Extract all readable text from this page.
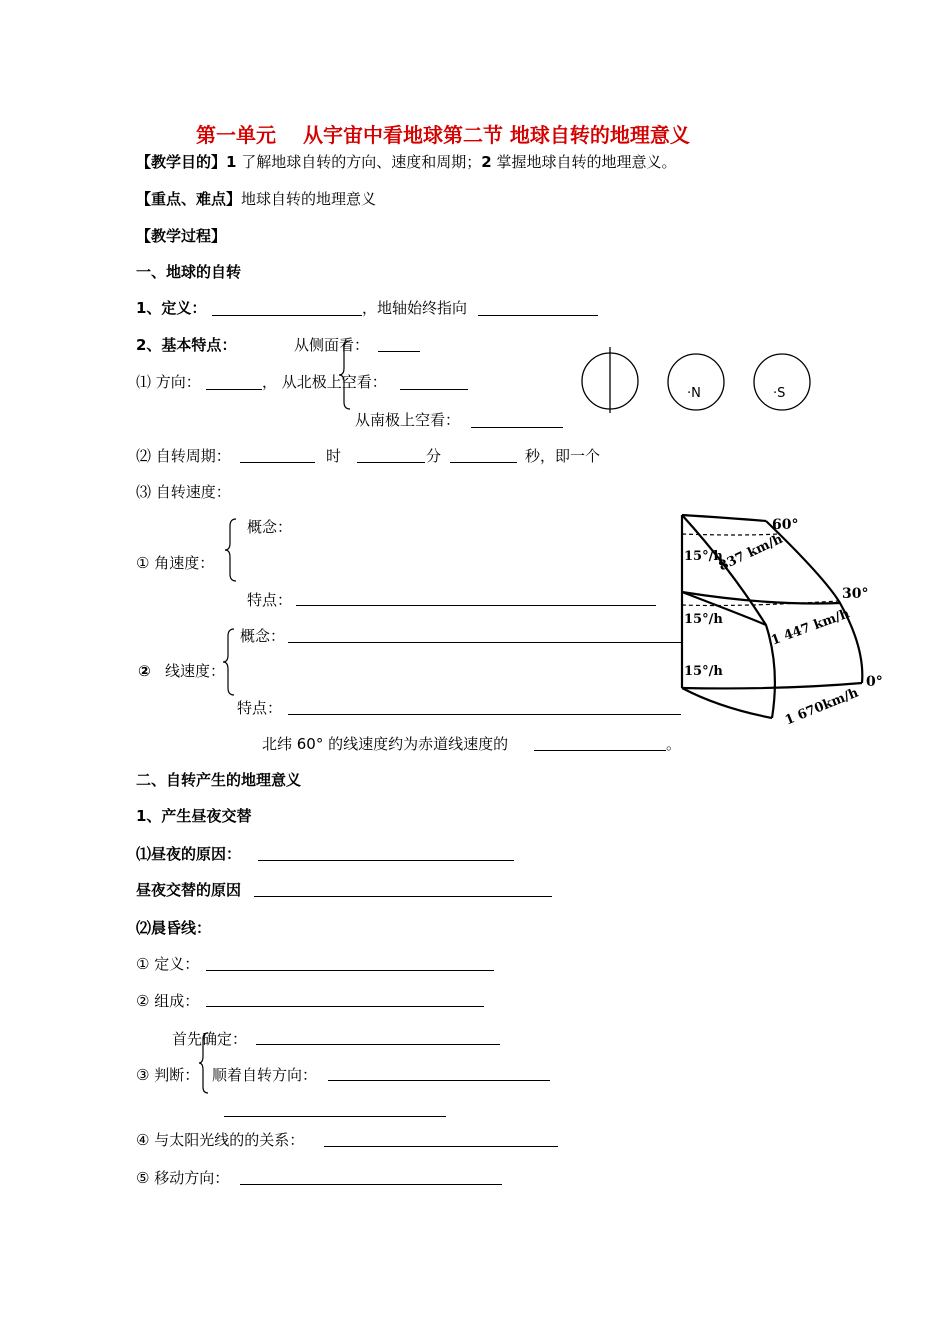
第一单元　 从宇宙中看地球第二节 地球自转的地理意义
【教学目的】1 了解地球自转的方向、速度和周期；2 掌握地球自转的地理意义。
【重点、难点】地球自转的地理意义
【教学过程】
一、地球的自转
1、定义：	，地轴始终指向
2、基本特点：	从侧面看：
⑴ 方向：	， 从北极上空看：
从南极上空看：
·N	·S
⑵ 自转周期：	时	分	秒，即一个
⑶ 自转速度：
概念：
① 角速度：
特点：
概念：
② 线速度：
特点：
北纬 60° 的线速度约为赤道线速度的	。
60°
30°
0°
15°/h
15°/h
15°/h
837 km/h
1 447 km/h
1 670km/h
二、自转产生的地理意义
1、产生昼夜交替
⑴昼夜的原因：
昼夜交替的原因
⑵晨昏线：
① 定义：
② 组成：
首先确定：
③ 判断： 顺着自转方向：
④ 与太阳光线的的关系：
⑤ 移动方向：
